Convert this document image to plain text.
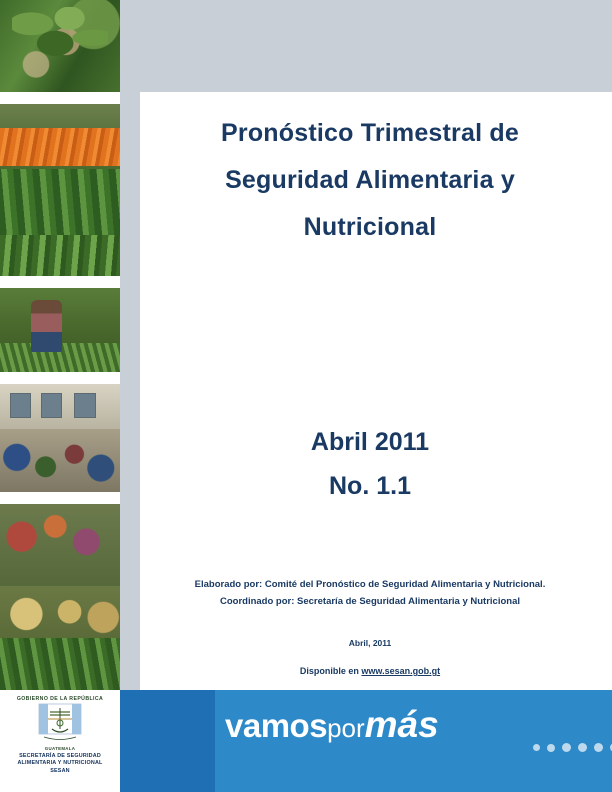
Pronóstico Trimestral de
Seguridad Alimentaria y
Nutricional
Abril 2011
No. 1.1
Elaborado por: Comité del Pronóstico de Seguridad Alimentaria y Nutricional.
Coordinado por: Secretaría de Seguridad Alimentaria y Nutricional
Abril, 2011
Disponible en www.sesan.gob.gt
GOBIERNO DE LA REPÚBLICA
GUATEMALA
SECRETARÍA DE SEGURIDAD
ALIMENTARIA Y NUTRICIONAL
SESAN
vamospormás
